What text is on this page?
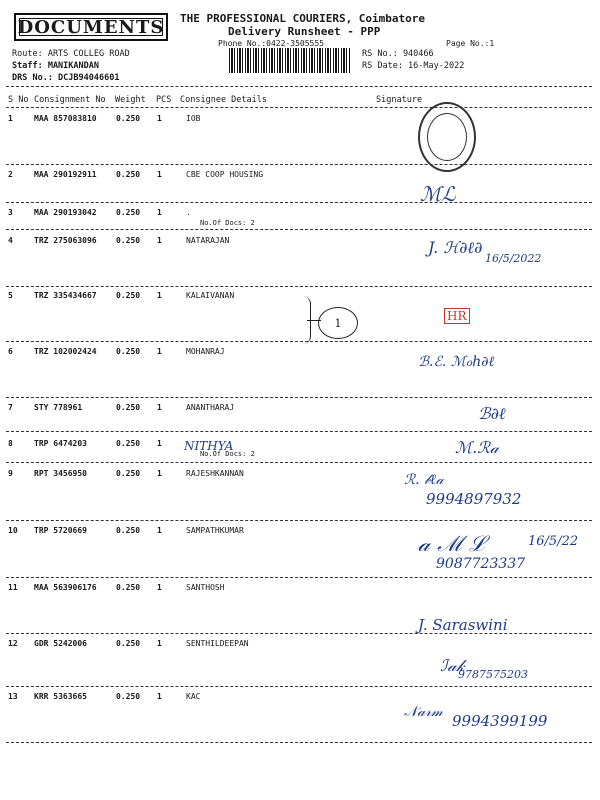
DOCUMENTS THE PROFESSIONAL COURIERS, Coimbatore
Delivery Runsheet - PPP
Phone No.:0422-3505555	Page No.:1
Route: ARTS COLLEG ROAD
Staff: MANIKANDAN
DRS No.: DCJB94046601
RS No.: 940466
RS Date: 16-May-2022
S No Consignment No Weight PCS Consignee Details	Signature
1	MAA 857083810 0.250 1	IOB
2	MAA 290192911 0.250 1	CBE COOP HOUSING
3	MAA 290193042 0.250 1	.
No.Of Docs: 2
4	TRZ 275063096 0.250 1	NATARAJAN
5	TRZ 335434667 0.250 1	KALAIVANAN
6	TRZ 102002424 0.250 1	MOHANRAJ
7	STY 778961	0.250 1	ANANTHARAJ
8	TRP 6474203	0.250 1
No.Of Docs: 2
9	RPT 3456950	0.250 1	RAJESHKANNAN
10 TRP 5720669	0.250 1	SAMPATHKUMAR
11 MAA 563906176 0.250 1	SANTHOSH
12 GDR 5242006	0.250 1	SENTHILDEEPAN
13 KRR 5363665	0.250 1	KAC
ℳℒ
J. ℋ∂ℓ∂
16/5/2022
HR
1
ℬ.ℰ. ℳℴℎ∂ℓ
ℬ∂ℓ
NITHYA	ℳ.ℛ𝒶
ℛ. 𝒷ℓ𝒶
9994897932
𝒶 ℳ ℒ	16/5/22
9087723337
J. Saraswini
ℐ𝒶𝓀
9787575203
𝒩𝒶𝓇𝓂 9994399199
